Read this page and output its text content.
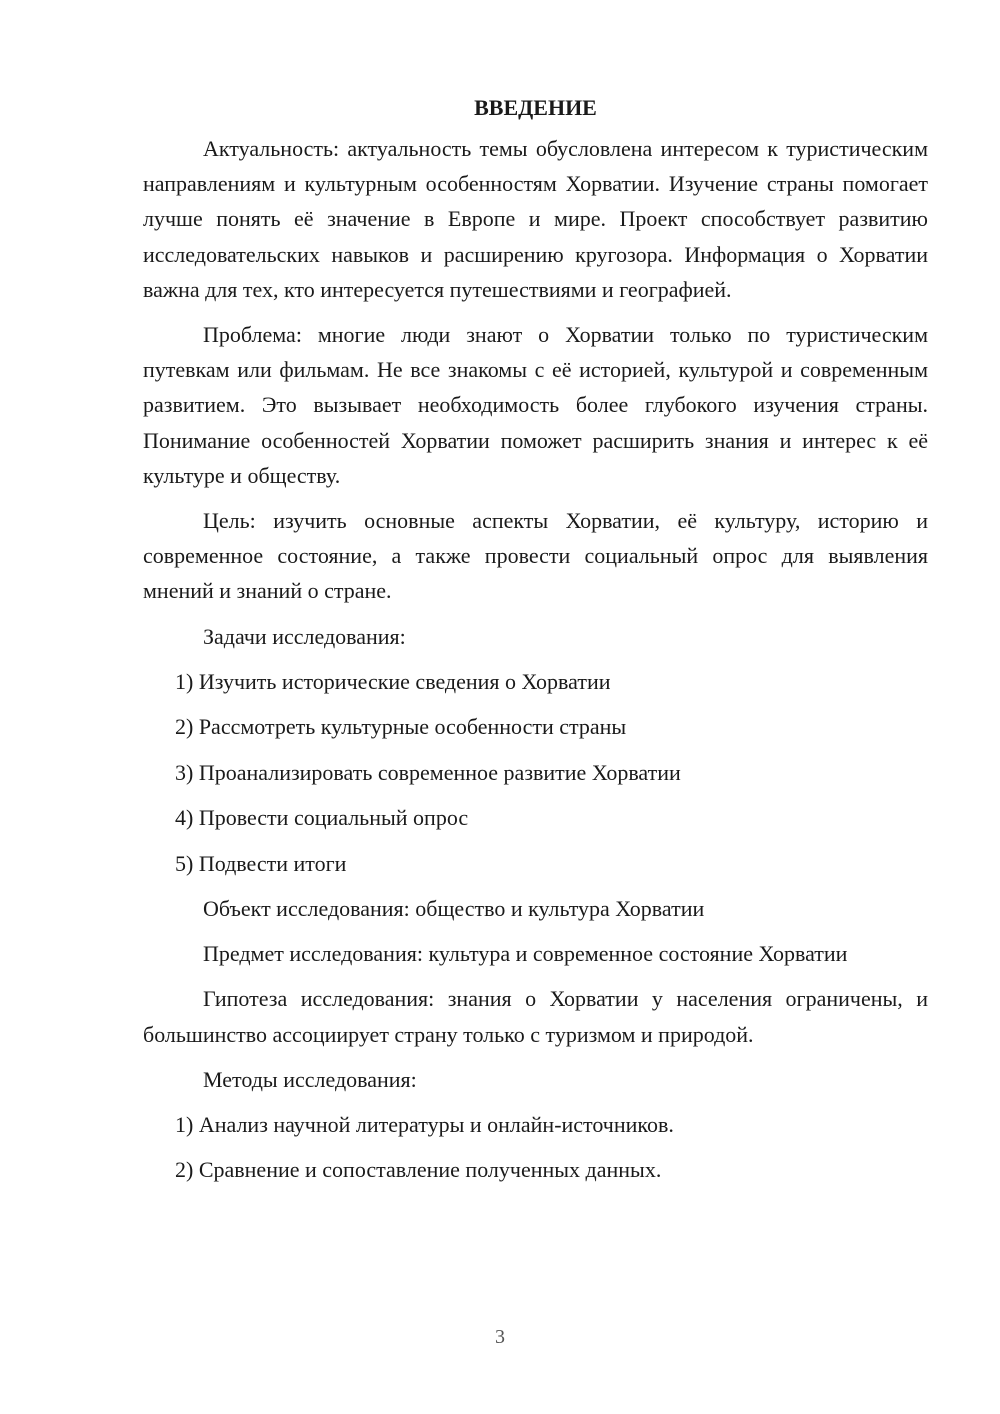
ВВЕДЕНИЕ

Актуальность: актуальность темы обусловлена интересом к туристическим направлениям и культурным особенностям Хорватии. Изучение страны помогает лучше понять её значение в Европе и мире. Проект способствует развитию исследовательских навыков и расширению кругозора. Информация о Хорватии важна для тех, кто интересуется путешествиями и географией.

Проблема: многие люди знают о Хорватии только по туристическим путевкам или фильмам. Не все знакомы с её историей, культурой и современным развитием. Это вызывает необходимость более глубокого изучения страны. Понимание особенностей Хорватии поможет расширить знания и интерес к её культуре и обществу.

Цель: изучить основные аспекты Хорватии, её культуру, историю и современное состояние, а также провести социальный опрос для выявления мнений и знаний о стране.

Задачи исследования:

1) Изучить исторические сведения о Хорватии
2) Рассмотреть культурные особенности страны
3) Проанализировать современное развитие Хорватии
4) Провести социальный опрос
5) Подвести итоги

Объект исследования: общество и культура Хорватии

Предмет исследования: культура и современное состояние Хорватии

Гипотеза исследования: знания о Хорватии у населения ограничены, и большинство ассоциирует страну только с туризмом и природой.

Методы исследования:

1) Анализ научной литературы и онлайн-источников.
2) Сравнение и сопоставление полученных данных.
3
